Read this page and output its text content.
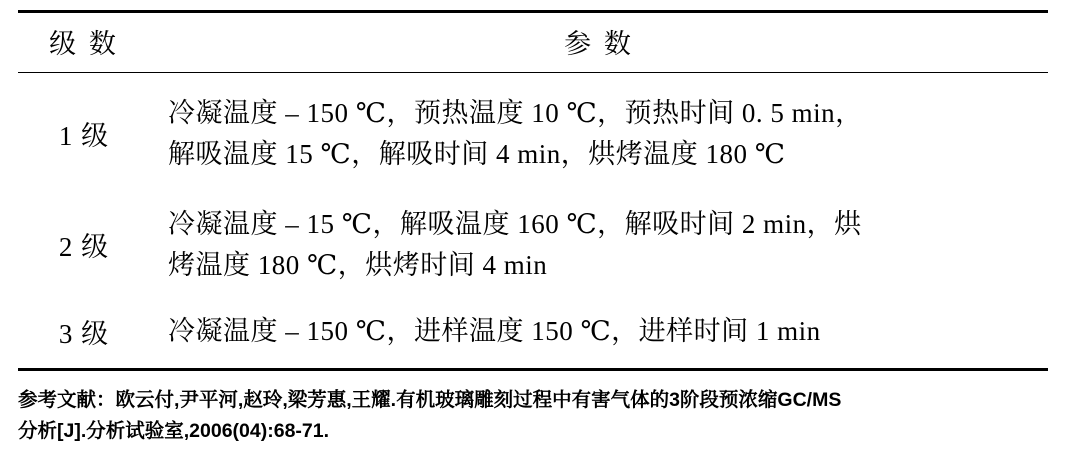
级 数	参 数
1 级	冷凝温度 – 150 ℃，预热温度 10 ℃，预热时间 0. 5 min，
解吸温度 15 ℃，解吸时间 4 min，烘烤温度 180 ℃

2 级	冷凝温度 – 15 ℃，解吸温度 160 ℃，解吸时间 2 min，烘
烤温度 180 ℃，烘烤时间 4 min

3 级	冷凝温度 – 150 ℃，进样温度 150 ℃，进样时间 1 min
参考文献：欧云付,尹平河,赵玲,梁芳惠,王耀.有机玻璃雕刻过程中有害气体的3阶段预浓缩GC/MS
分析[J].分析试验室,2006(04):68-71.
